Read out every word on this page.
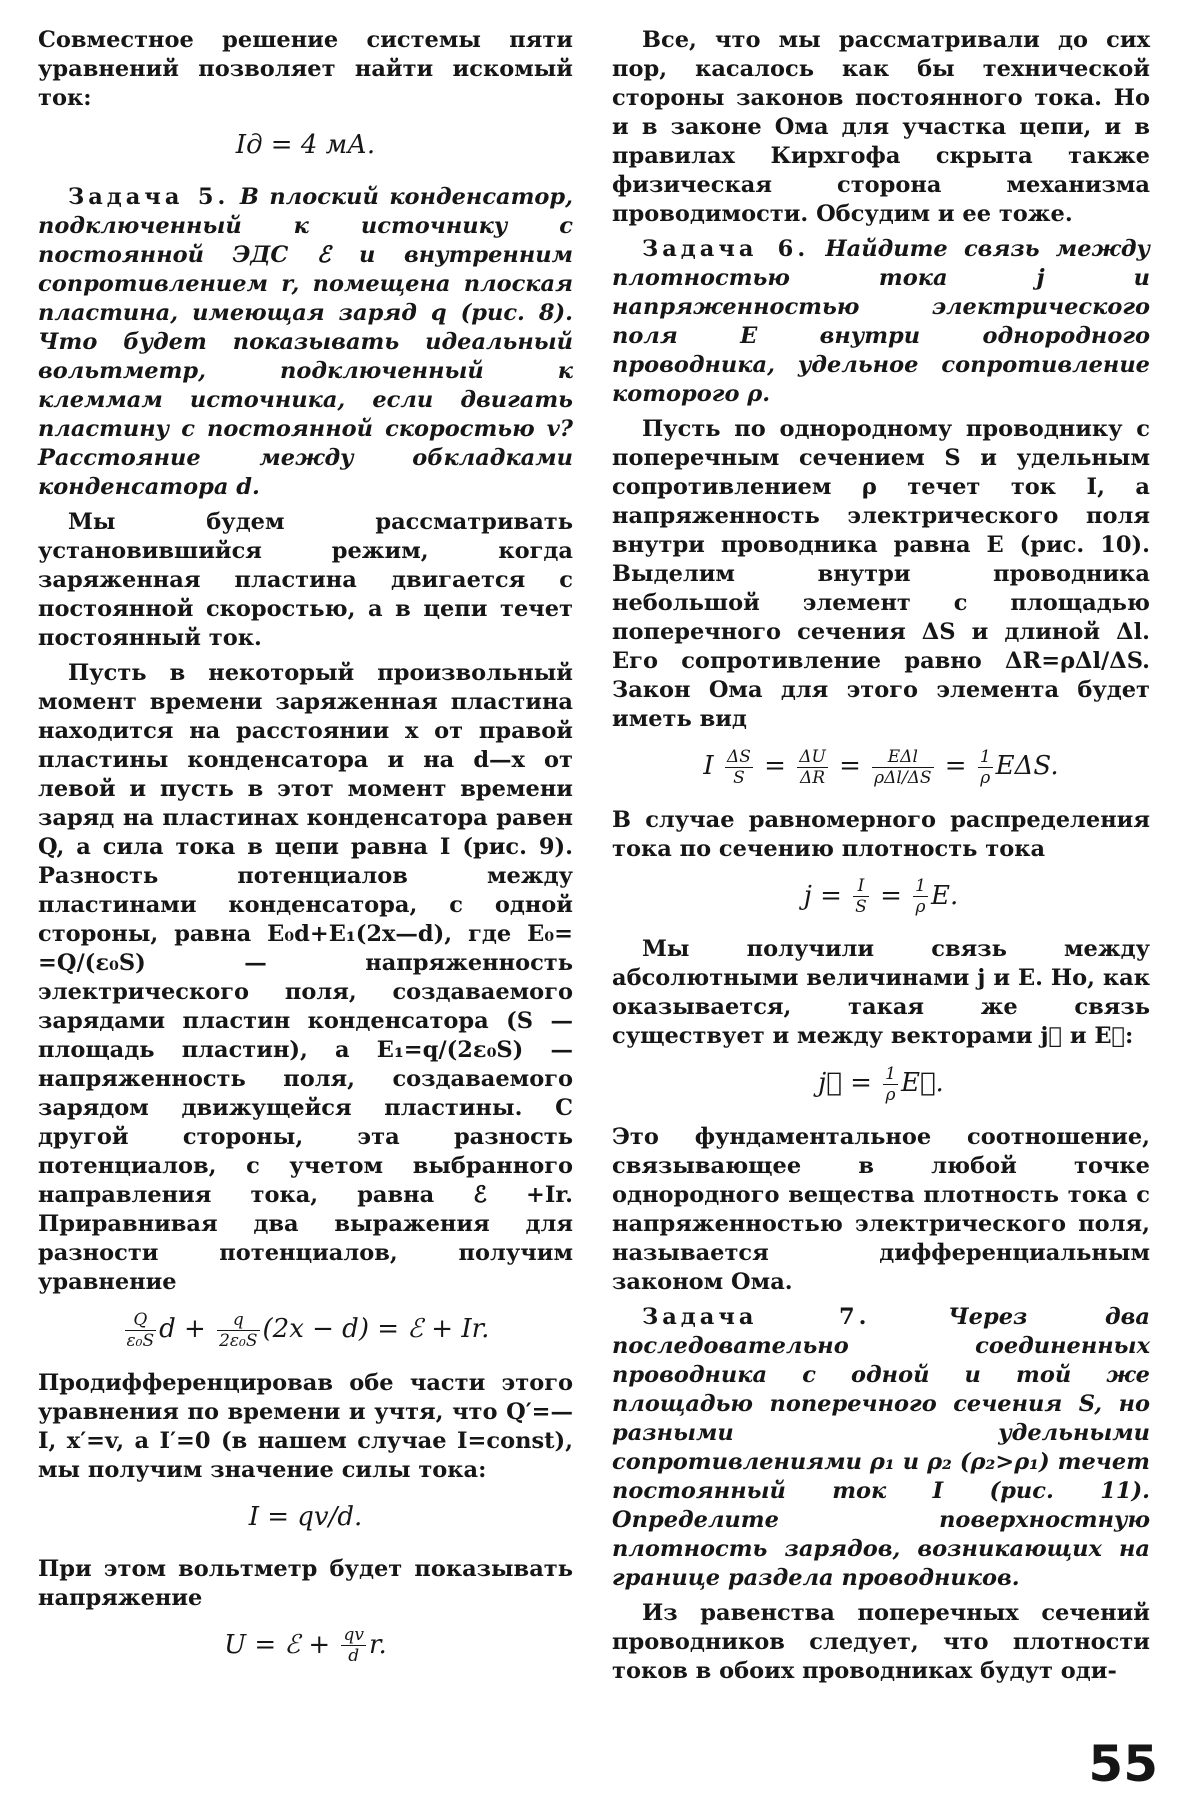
Совместное решение системы пяти уравнений позволяет найти искомый ток:

Iд = 4 мА.

Задача 5. В плоский конденсатор, подключенный к источнику с постоянной ЭДС ℰ и внутренним сопротивлением r, помещена плоская пластина, имеющая заряд q (рис. 8). Что будет показывать идеальный вольтметр, подключенный к клеммам источника, если двигать пластину с постоянной скоростью v? Расстояние между обкладками конденсатора d.

Мы будем рассматривать установившийся режим, когда заряженная пластина двигается с постоянной скоростью, а в цепи течет постоянный ток.

Пусть в некоторый произвольный момент времени заряженная пластина находится на расстоянии x от правой пластины конденсатора и на d—x от левой и пусть в этот момент времени заряд на пластинах конденсатора равен Q, а сила тока в цепи равна I (рис. 9). Разность потенциалов между пластинами конденсатора, с одной стороны, равна E₀d+E₁(2x—d), где E₀= =Q/(ε₀S) — напряженность электрического поля, создаваемого зарядами пластин конденсатора (S — площадь пластин), а E₁=q/(2ε₀S) — напряженность поля, создаваемого зарядом движущейся пластины. С другой стороны, эта разность потенциалов, с учетом выбранного направления тока, равна ℰ +Ir. Приравнивая два выражения для разности потенциалов, получим уравнение

$\frac{Q}{\text{ε₀S}}$ $d + \frac{q}{\text{2ε₀S}} (2x - d)$ = ℰ + Ir.

Продифференцировав обе части этого уравнения по времени и учтя, что Q′=—I, x′=v, а I′=0 (в нашем случае I=const), мы получим значение силы тока:

I = qv/d.

При этом вольтметр будет показывать напряжение

U = ℰ + $\frac{qv}{d} r$.

Все, что мы рассматривали до сих пор, касалось как бы технической стороны законов постоянного тока. Но и в законе Ома для участка цепи, и в правилах Кирхгофа скрыта также физическая сторона механизма проводимости. Обсудим и ее тоже.

Задача 6. Найдите связь между плотностью тока j и напряженностью электрического поля E внутри однородного проводника, удельное сопротивление которого ρ.

Пусть по однородному проводнику с поперечным сечением S и удельным сопротивлением ρ течет ток I, а напряженность электрического поля внутри проводника равна E (рис. 10). Выделим внутри проводника небольшой элемент с площадью поперечного сечения ΔS и длиной Δl. Его сопротивление равно ΔR=ρΔl/ΔS. Закон Ома для этого элемента будет иметь вид

I $\frac{\Delta S}{S} = \frac{\Delta U}{\Delta R} = \frac{\text{EΔl}}{\text{ρΔl/ΔS}} = \frac{1}{\rho} E\Delta S$.

В случае равномерного распределения тока по сечению плотность тока

$j = \frac{I}{S} = \frac{1}{\rho} E$.

Мы получили связь между абсолютными величинами j и E. Но, как оказывается, такая же связь существует и между векторами j⃗ и E⃗:

j⃗ = $\frac{1}{\rho}$ E⃗.

Это фундаментальное соотношение, связывающее в любой точке однородного вещества плотность тока с напряженностью электрического поля, называется дифференциальным законом Ома.

Задача 7.	Через два последовательно соединенных проводника с одной и той же площадью поперечного сечения S, но разными удельными сопротивлениями ρ₁ и ρ₂ (ρ₂>ρ₁) течет постоянный ток I (рис. 11). Определите поверхностную плотность зарядов, возникающих на границе раздела проводников.

Из равенства поперечных сечений проводников следует, что плотности токов в обоих проводниках будут оди-

55
